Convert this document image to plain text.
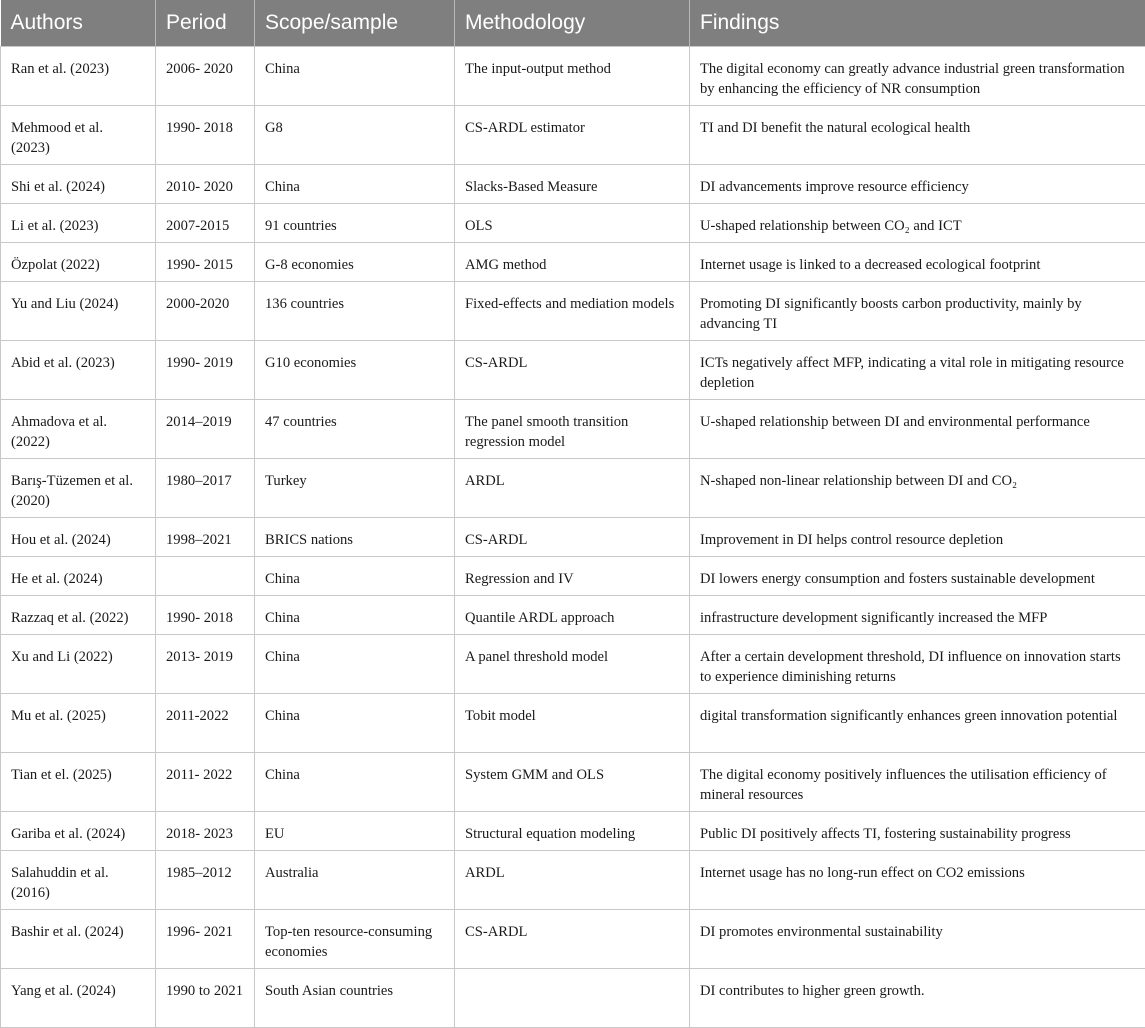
Authors	Period	Scope/sample	Methodology	Findings
Ran et al. (2023)	2006- 2020	China	The input-output method	The digital economy can greatly advance industrial green transformation by enhancing the efficiency of NR consumption
Mehmood et al. (2023)	1990- 2018	G8	CS-ARDL estimator	TI and DI benefit the natural ecological health
Shi et al. (2024)	2010- 2020	China	Slacks-Based Measure	DI advancements improve resource efficiency
Li et al. (2023)	2007-2015	91 countries	OLS	U-shaped relationship between CO₂ and ICT
Özpolat (2022)	1990- 2015	G-8 economies	AMG method	Internet usage is linked to a decreased ecological footprint
Yu and Liu (2024)	2000-2020	136 countries	Fixed-effects and mediation models	Promoting DI significantly boosts carbon productivity, mainly by advancing TI
Abid et al. (2023)	1990- 2019	G10 economies	CS-ARDL	ICTs negatively affect MFP, indicating a vital role in mitigating resource depletion
Ahmadova et al. (2022)	2014–2019	47 countries	The panel smooth transition regression model	U-shaped relationship between DI and environmental performance
Barış-Tüzemen et al. (2020)	1980–2017	Turkey	ARDL	N-shaped non-linear relationship between DI and CO₂
Hou et al. (2024)	1998–2021	BRICS nations	CS-ARDL	Improvement in DI helps control resource depletion
He et al. (2024)		China	Regression and IV	DI lowers energy consumption and fosters sustainable development
Razzaq et al. (2022)	1990- 2018	China	Quantile ARDL approach	infrastructure development significantly increased the MFP
Xu and Li (2022)	2013- 2019	China	A panel threshold model	After a certain development threshold, DI influence on innovation starts to experience diminishing returns
Mu et al. (2025)	2011-2022	China	Tobit model	digital transformation significantly enhances green innovation potential
Tian et el. (2025)	2011- 2022	China	System GMM and OLS	The digital economy positively influences the utilisation efficiency of mineral resources
Gariba et al. (2024)	2018- 2023	EU	Structural equation modeling	Public DI positively affects TI, fostering sustainability progress
Salahuddin et al. (2016)	1985–2012	Australia	ARDL	Internet usage has no long-run effect on CO2 emissions
Bashir et al. (2024)	1996- 2021	Top-ten resource-consuming economies	CS-ARDL	DI promotes environmental sustainability
Yang et al. (2024)	1990 to 2021	South Asian countries		DI contributes to higher green growth.
